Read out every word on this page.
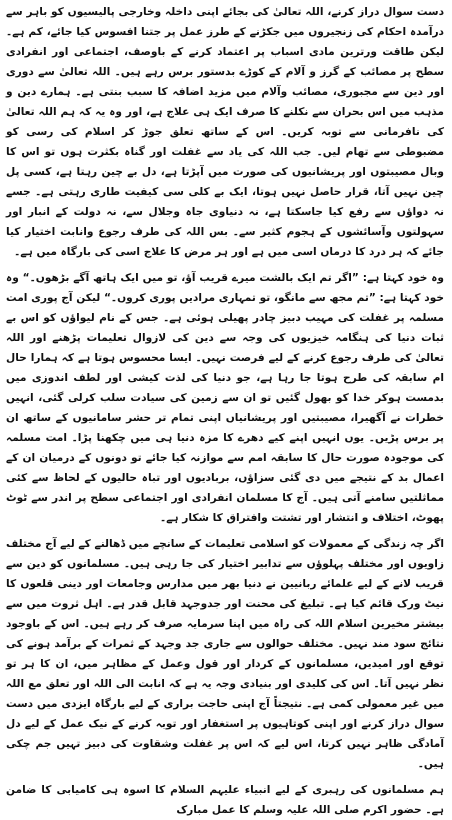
دست سوال دراز کرنے، اللہ تعالیٰ کی بجائے اپنی داخلہ وخارجی پالیسیوں کو باہر سے درآمدہ احکام کی زنجیروں میں جکڑنے کے طرز عمل پر جتنا افسوس کیا جائے، کم ہے۔ لیکن طاقت ورترین مادی اسباب پر اعتماد کرنے کے باوصف، اجتماعی اور انفرادی سطح پر مصائب کے گرز و آلام کے کوڑے بدستور برس رہے ہیں۔ اللہ تعالیٰ سے دوری اور دین سے مجبوری، مصائب وآلام میں مزید اضافہ کا سبب بنتی ہے۔ ہمارے دین و مذہب میں اس بحران سے نکلنے کا صرف ایک ہی علاج ہے، اور وہ یہ کہ ہم اللہ تعالیٰ کی نافرمانی سے توبہ کریں۔ اس کے ساتھ تعلق جوڑ کر اسلام کی رسی کو مضبوطی سے تھام لیں۔ جب اللہ کی یاد سے غفلت اور گناہ بکثرت ہوں تو اس کا وبال مصیبتوں اور پریشانیوں کی صورت میں آپڑتا ہے، دل بے چین رہتا ہے، کسی پل چین نہیں آتا، قرار حاصل نہیں ہوتا، ایک بے کلی سی کیفیت طاری رہتی ہے۔ جسے نہ دواؤں سے رفع کیا جاسکتا ہے، نہ دنیاوی جاہ وجلال سے، نہ دولت کے انبار اور سہولتوں وآسائشوں کے ہجوم کثیر سے۔ بس اللہ کی طرف رجوع وانابت اختیار کیا جائے کہ ہر درد کا درماں اسی میں ہے اور ہر مرض کا علاج اسی کی بارگاہ میں ہے۔

وہ خود کہتا ہے: ”اگر تم ایک بالشت میرے قریب آؤ، تو میں ایک ہاتھ آگے بڑھوں۔“ وہ خود کہتا ہے: ”تم مجھ سے مانگو، تو تمہاری مرادیں پوری کروں۔“ لیکن آج پوری امت مسلمہ پر غفلت کی مہیب دبیز چادر پھیلی ہوئی ہے۔ جس کے نام لیواؤں کو اس بے ثبات دنیا کی ہنگامہ خیزیوں کی وجہ سے دین کی لازوال تعلیمات پڑھنے اور اللہ تعالیٰ کی طرف رجوع کرنے کے لیے فرصت نہیں۔ ایسا محسوس ہوتا ہے کہ ہمارا حال ام سابقہ کی طرح ہوتا جا رہا ہے، جو دنیا کی لذت کیشی اور لطف اندوزی میں بدمست ہوکر خدا کو بھول گئیں تو ان سے زمین کی سیادت سلب کرلی گئی، انہیں خطرات نے آگھیرا، مصیبتیں اور پریشانیاں اپنی تمام تر حشر سامانیوں کے ساتھ ان پر برس پڑیں۔ یوں انہیں اپنے کیے دھرے کا مزہ دنیا ہی میں چکھنا پڑا۔ امت مسلمہ کی موجودہ صورت حال کا سابقہ امم سے موازنہ کیا جائے تو دونوں کے درمیان ان کے اعمال بد کے نتیجے میں دی گئی سزاؤں، بربادیوں اور تباہ حالیوں کے لحاظ سے کئی مماثلتیں سامنے آتی ہیں۔ آج کا مسلمان انفرادی اور اجتماعی سطح پر اندر سے ٹوٹ پھوٹ، اختلاف و انتشار اور تشتت وافتراق کا شکار ہے۔

اگر چہ زندگی کے معمولات کو اسلامی تعلیمات کے سانچے میں ڈھالنے کے لیے آج مختلف زاویوں اور مختلف پہلوؤں سے تدابیر اختیار کی جا رہی ہیں۔ مسلمانوں کو دین سے قریب لانے کے لیے علمائے ربانیین نے دنیا بھر میں مدارس وجامعات اور دینی قلعوں کا نیٹ ورک قائم کیا ہے۔ تبلیغ کی محنت اور جدوجہد قابل قدر ہے۔ اہل ثروت میں سے بیشتر مخیرین اسلام اللہ کی راہ میں اپنا سرمایہ صرف کر رہے ہیں۔ اس کے باوجود نتائج سود مند نہیں۔ مختلف حوالوں سے جاری جد وجہد کے ثمرات کے برآمد ہونے کی توقع اور امیدیں، مسلمانوں کے کردار اور قول وعمل کے مظاہر میں، ان کا ہر تو نظر نہیں آتا۔ اس کی کلیدی اور بنیادی وجہ یہ ہے کہ انابت الی اللہ اور تعلق مع اللہ میں غیر معمولی کمی ہے۔ نتیجتاً آج اپنی حاجت براری کے لیے بارگاہ ایزدی میں دست سوال دراز کرنے اور اپنی کوتاہیوں پر استغفار اور توبہ کرنے کے نیک عمل کے لیے دل آمادگی ظاہر نہیں کرتا، اس لیے کہ اس پر غفلت وشقاوت کی دبیز تہیں جم چکی ہیں۔

ہم مسلمانوں کی رہبری کے لیے انبیاء علیہم السلام کا اسوہ ہی کامیابی کا ضامن ہے۔ حضور اکرم صلی اللہ علیہ وسلم کا عمل مبارک
